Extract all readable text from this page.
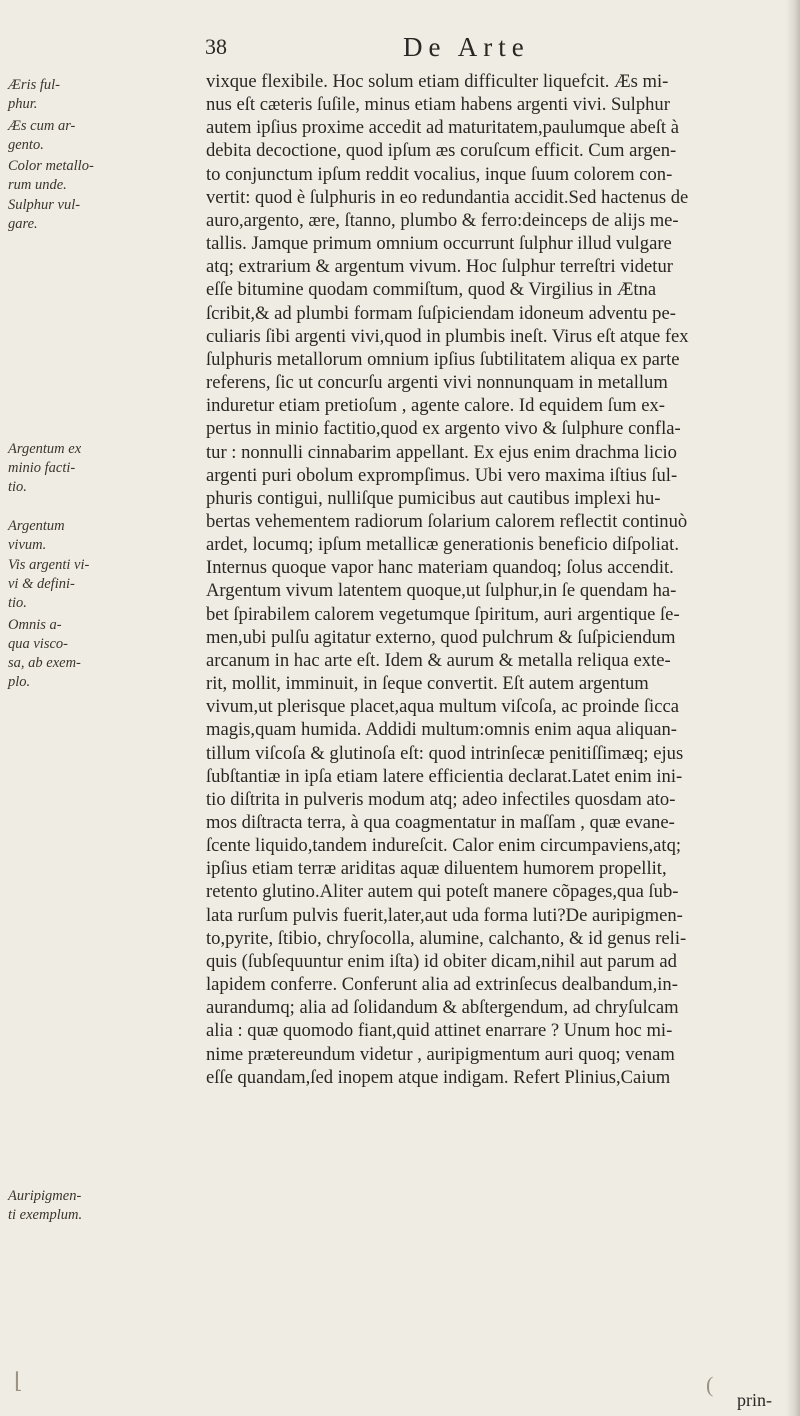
38	De Arte
Æris ful-
phur.
Æs cum ar-
gento.
Color metallo-
rum unde.
Sulphur vul-
gare.
Argentum ex
minio facti-
tio.
Argentum
vivum.
Vis argenti vi-
vi & defini-
tio.
Omnis a-
qua visco-
sa, ab exem-
plo.
Auripigmen-
ti exemplum.
vixque flexibile. Hoc solum etiam difficulter liquefcit. Æs mi-
nus eſt cæteris ſuſile, minus etiam habens argenti vivi. Sulphur
autem ipſius proxime accedit ad maturitatem,paulumque abeſt à
debita decoctione, quod ipſum æs coruſcum efficit. Cum argen-
to conjunctum ipſum reddit vocalius, inque ſuum colorem con-
vertit: quod è ſulphuris in eo redundantia accidit.Sed hactenus de
auro,argento, ære, ſtanno, plumbo & ferro:deinceps de alijs me-
tallis. Jamque primum omnium occurrunt ſulphur illud vulgare
atq; extrarium & argentum vivum. Hoc ſulphur terreſtri videtur
eſſe bitumine quodam commiſtum, quod & Virgilius in Ætna
ſcribit,& ad plumbi formam ſuſpiciendam idoneum adventu pe-
culiaris ſibi argenti vivi,quod in plumbis ineſt. Virus eſt atque fex
ſulphuris metallorum omnium ipſius ſubtilitatem aliqua ex parte
referens, ſic ut concurſu argenti vivi nonnunquam in metallum
induretur etiam pretioſum , agente calore. Id equidem ſum ex-
pertus in minio factitio,quod ex argento vivo & ſulphure confla-
tur : nonnulli cinnabarim appellant. Ex ejus enim drachma licio
argenti puri obolum exprompſimus. Ubi vero maxima iſtius ſul-
phuris contigui, nulliſque pumicibus aut cautibus implexi hu-
bertas vehementem radiorum ſolarium calorem reflectit continuò
ardet, locumq; ipſum metallicæ generationis beneficio diſpoliat.
Internus quoque vapor hanc materiam quandoq; ſolus accendit.
Argentum vivum latentem quoque,ut ſulphur,in ſe quendam ha-
bet ſpirabilem calorem vegetumque ſpiritum, auri argentique ſe-
men,ubi pulſu agitatur externo, quod pulchrum & ſuſpiciendum
arcanum in hac arte eſt. Idem & aurum & metalla reliqua exte-
rit, mollit, imminuit, in ſeque convertit. Eſt autem argentum
vivum,ut plerisque placet,aqua multum viſcoſa, ac proinde ſicca
magis,quam humida. Addidi multum:omnis enim aqua aliquan-
tillum viſcoſa & glutinoſa eſt: quod intrinſecæ penitiſſimæq; ejus
ſubſtantiæ in ipſa etiam latere efficientia declarat.Latet enim ini-
tio diſtrita in pulveris modum atq; adeo infectiles quosdam ato-
mos diſtracta terra, à qua coagmentatur in maſſam , quæ evane-
ſcente liquido,tandem indureſcit. Calor enim circumpaviens,atq;
ipſius etiam terræ ariditas aquæ diluentem humorem propellit,
retento glutino.Aliter autem qui poteſt manere cõpages,qua ſub-
lata rurſum pulvis fuerit,later,aut uda forma luti?De auripigmen-
to,pyrite, ſtibio, chryſocolla, alumine, calchanto, & id genus reli-
quis (ſubſequuntur enim iſta) id obiter dicam,nihil aut parum ad
lapidem conferre. Conferunt alia ad extrinſecus dealbandum,in-
aurandumq; alia ad ſolidandum & abſtergendum, ad chryſulcam
alia : quæ quomodo fiant,quid attinet enarrare ? Unum hoc mi-
nime prætereundum videtur , auripigmentum auri quoq; venam
eſſe quandam,ſed inopem atque indigam. Refert Plinius,Caium
prin-
⌊	(
